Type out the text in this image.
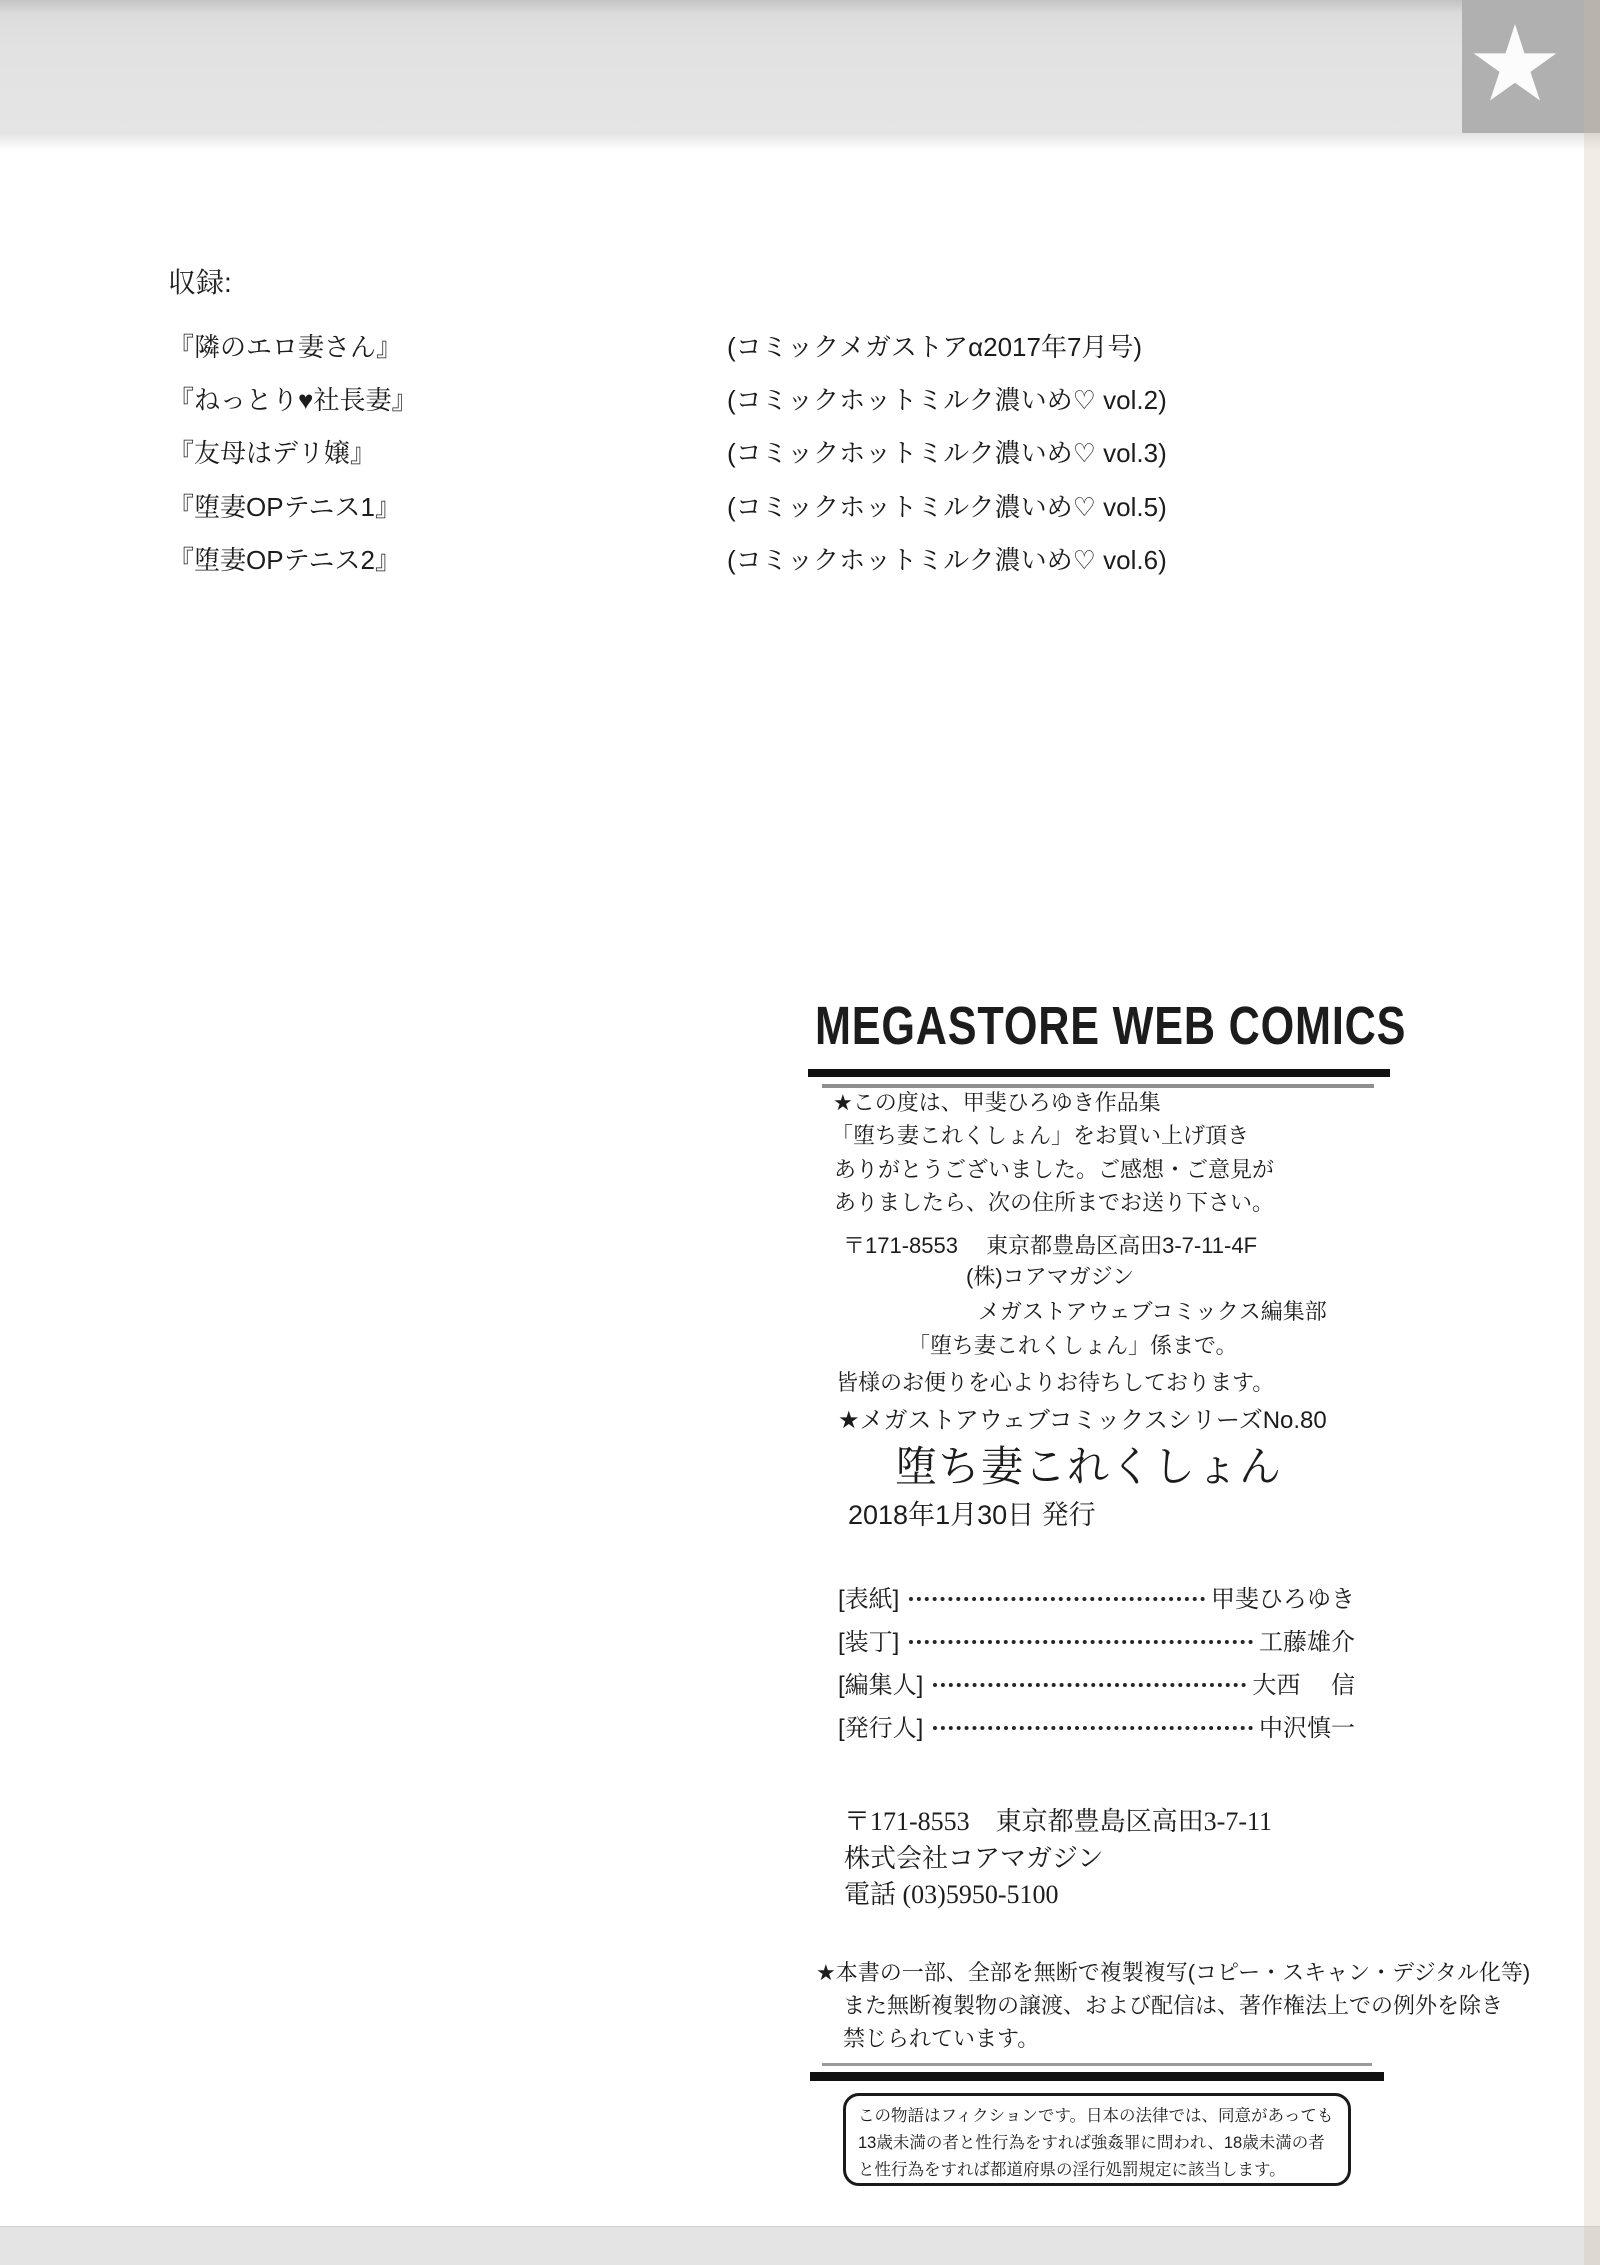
収録:
『隣のエロ妻さん』	(コミックメガストアα2017年7月号)
『ねっとり♥社長妻』	(コミックホットミルク濃いめ♡ vol.2)
『友母はデリ嬢』	(コミックホットミルク濃いめ♡ vol.3)
『堕妻OPテニス1』	(コミックホットミルク濃いめ♡ vol.5)
『堕妻OPテニス2』	(コミックホットミルク濃いめ♡ vol.6)
MEGASTORE WEB COMICS
★この度は、甲斐ひろゆき作品集
「堕ち妻これくしょん」をお買い上げ頂き
ありがとうございました。ご感想・ご意見が
ありましたら、次の住所までお送り下さい。
〒171-8553　 東京都豊島区高田3-7-11-4F
(株)コアマガジン
メガストアウェブコミックス編集部
「堕ち妻これくしょん」係まで。
皆様のお便りを心よりお待ちしております。
★メガストアウェブコミックスシリーズNo.80
堕ち妻これくしょん
2018年1月30日 発行
[表紙]	甲斐ひろゆき
[装丁]	工藤雄介
[編集人]	大西　 信
[発行人]	中沢慎一
〒171-8553　東京都豊島区高田3-7-11
株式会社コアマガジン
電話 (03)5950-5100
★本書の一部、全部を無断で複製複写(コピー・スキャン・デジタル化等)
また無断複製物の譲渡、および配信は、著作権法上での例外を除き
禁じられています。
この物語はフィクションです。日本の法律では、同意があっても
13歳未満の者と性行為をすれば強姦罪に問われ、18歳未満の者
と性行為をすれば都道府県の淫行処罰規定に該当します。
